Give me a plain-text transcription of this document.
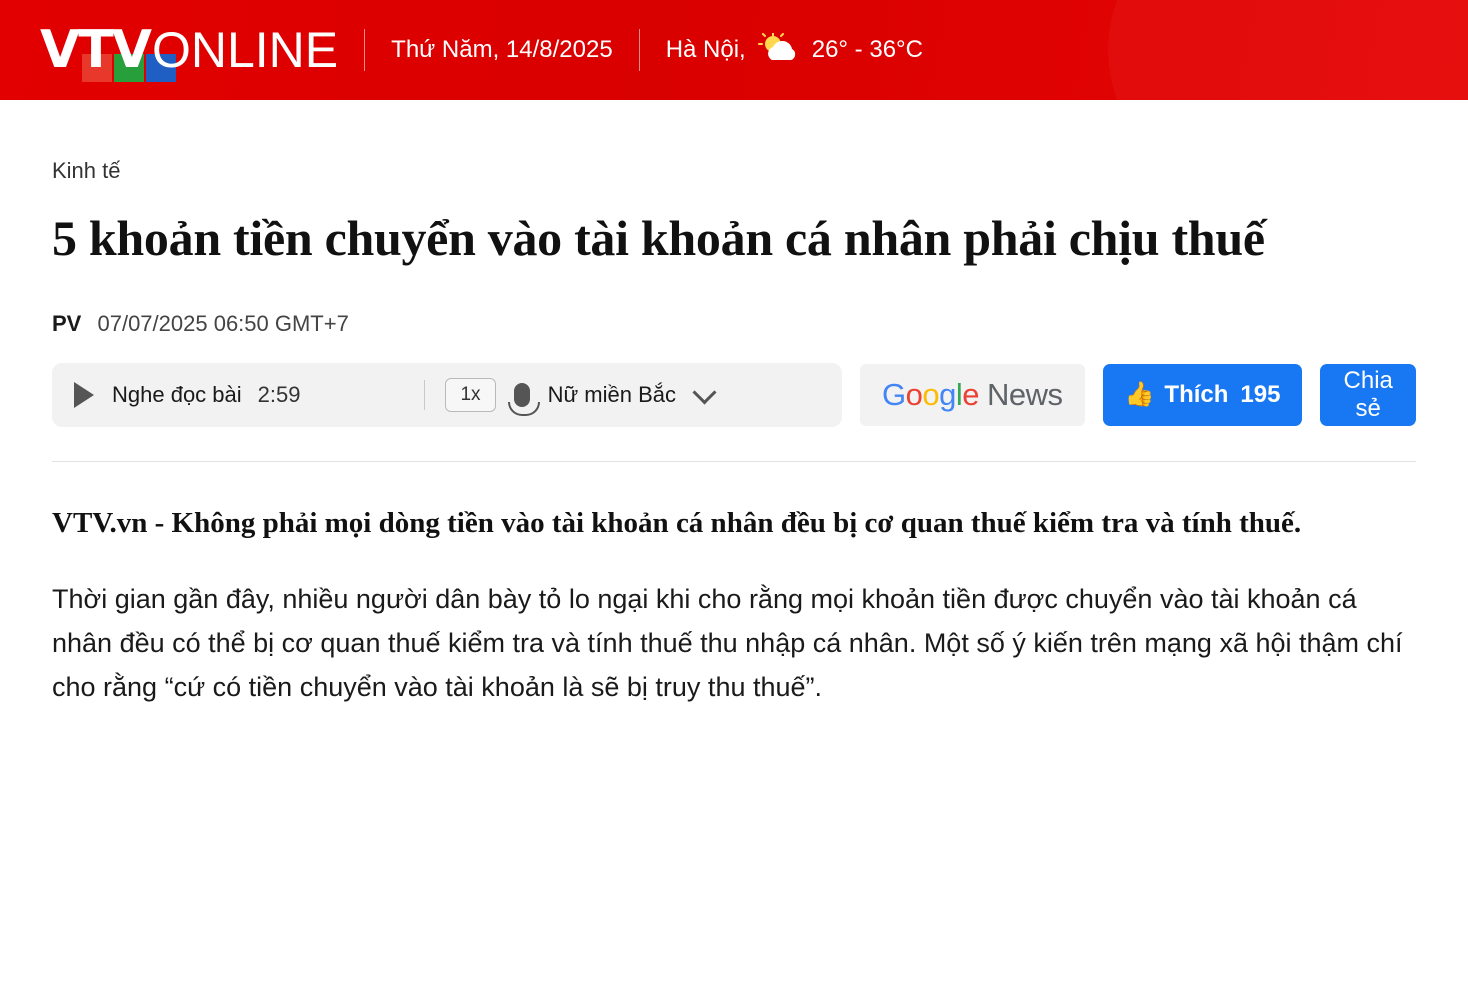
V T V ONLINE Thứ Năm, 14/8/2025 Hà Nội,	26° - 36°C
Kinh tế
5 khoản tiền chuyển vào tài khoản cá nhân phải chịu thuế
PV 07/07/2025 06:50 GMT+7
Nghe đọc bài 2:59	1x	Nữ miền Bắc	G o o g l e News	👍 Thích 195
Chia sẻ

VTV.vn - Không phải mọi dòng tiền vào tài khoản cá nhân đều bị cơ quan thuế kiểm tra và tính thuế.

Thời gian gần đây, nhiều người dân bày tỏ lo ngại khi cho rằng mọi khoản tiền được chuyển vào tài khoản cá nhân đều có thể bị cơ quan thuế kiểm tra và tính thuế thu nhập cá nhân. Một số ý kiến trên mạng xã hội thậm chí cho rằng “cứ có tiền chuyển vào tài khoản là sẽ bị truy thu thuế”.
